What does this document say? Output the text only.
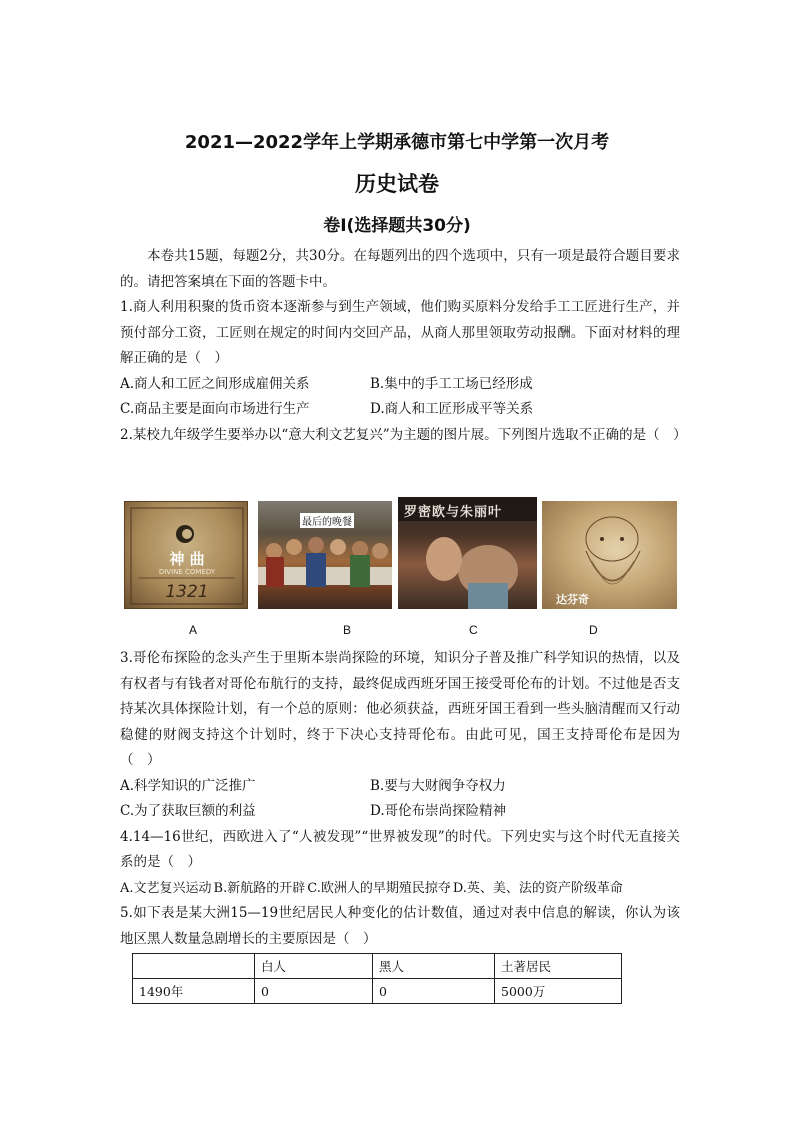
2021—2022学年上学期承德市第七中学第一次月考
历史试卷
卷Ⅰ(选择题共30分)

本卷共15题，每题2分，共30分。在每题列出的四个选项中，只有一项是最符合题目要求的。请把答案填在下面的答题卡中。

1.商人利用积聚的货币资本逐渐参与到生产领域，他们购买原料分发给手工工匠进行生产，并预付部分工资，工匠则在规定的时间内交回产品，从商人那里领取劳动报酬。下面对材料的理解正确的是（　）

A.商人和工匠之间形成雇佣关系	B.集中的手工工场已经形成
C.商品主要是面向市场进行生产	D.商人和工匠形成平等关系

2.某校九年级学生要举办以“意大利文艺复兴”为主题的图片展。下列图片选取不正确的是（　）

神 曲
DIVINE COMEDY
1321
最后的晚餐
罗密欧与朱丽叶
达芬奇
A	B	C	D

3.哥伦布探险的念头产生于里斯本崇尚探险的环境，知识分子普及推广科学知识的热情，以及有权者与有钱者对哥伦布航行的支持，最终促成西班牙国王接受哥伦布的计划。不过他是否支持某次具体探险计划，有一个总的原则：他必须获益，西班牙国王看到一些头脑清醒而又行动稳健的财阀支持这个计划时，终于下决心支持哥伦布。由此可见，国王支持哥伦布是因为（　）

A.科学知识的广泛推广	B.要与大财阀争夺权力
C.为了获取巨额的利益	D.哥伦布崇尚探险精神

4.14—16世纪，西欧进入了“人被发现”“世界被发现”的时代。下列史实与这个时代无直接关系的是（　）

A.文艺复兴运动 B.新航路的开辟 C.欧洲人的早期殖民掠夺 D.英、美、法的资产阶级革命

5.如下表是某大洲15—19世纪居民人种变化的估计数值，通过对表中信息的解读，你认为该地区黑人数量急剧增长的主要原因是（　）

	白人	黑人	土著居民
1490年	0	0	5000万
